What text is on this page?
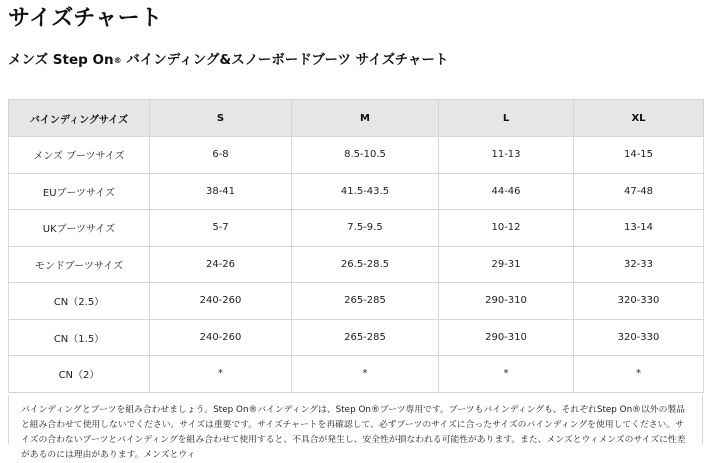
サイズチャート
メンズ Step On® バインディング&スノーボードブーツ サイズチャート
バインディングサイズ	S	M	L	XL
メンズ ブーツサイズ	6-8	8.5-10.5	11-13	14-15
EUブーツサイズ	38-41	41.5-43.5	44-46	47-48
UKブーツサイズ	5-7	7.5-9.5	10-12	13-14
モンドブーツサイズ	24-26	26.5-28.5	29-31	32-33
CN（2.5）	240-260	265-285	290-310	320-330
CN（1.5）	240-260	265-285	290-310	320-330
CN（2）	*	*	*	*
バインディングとブーツを組み合わせましょう。Step On®バインディングは、Step On®ブーツ専用です。ブーツもバインディングも、それぞれStep On®以外の製品と組み合わせて使用しないでください。サイズは重要です。サイズチャートを再確認して、必ずブーツのサイズに合ったサイズのバインディングを使用してください。サイズの合わないブーツとバインディングを組み合わせて使用すると、不具合が発生し、安全性が損なわれる可能性があります。また、メンズとウィメンズのサイズに性差があるのには理由があります。メンズとウィ
